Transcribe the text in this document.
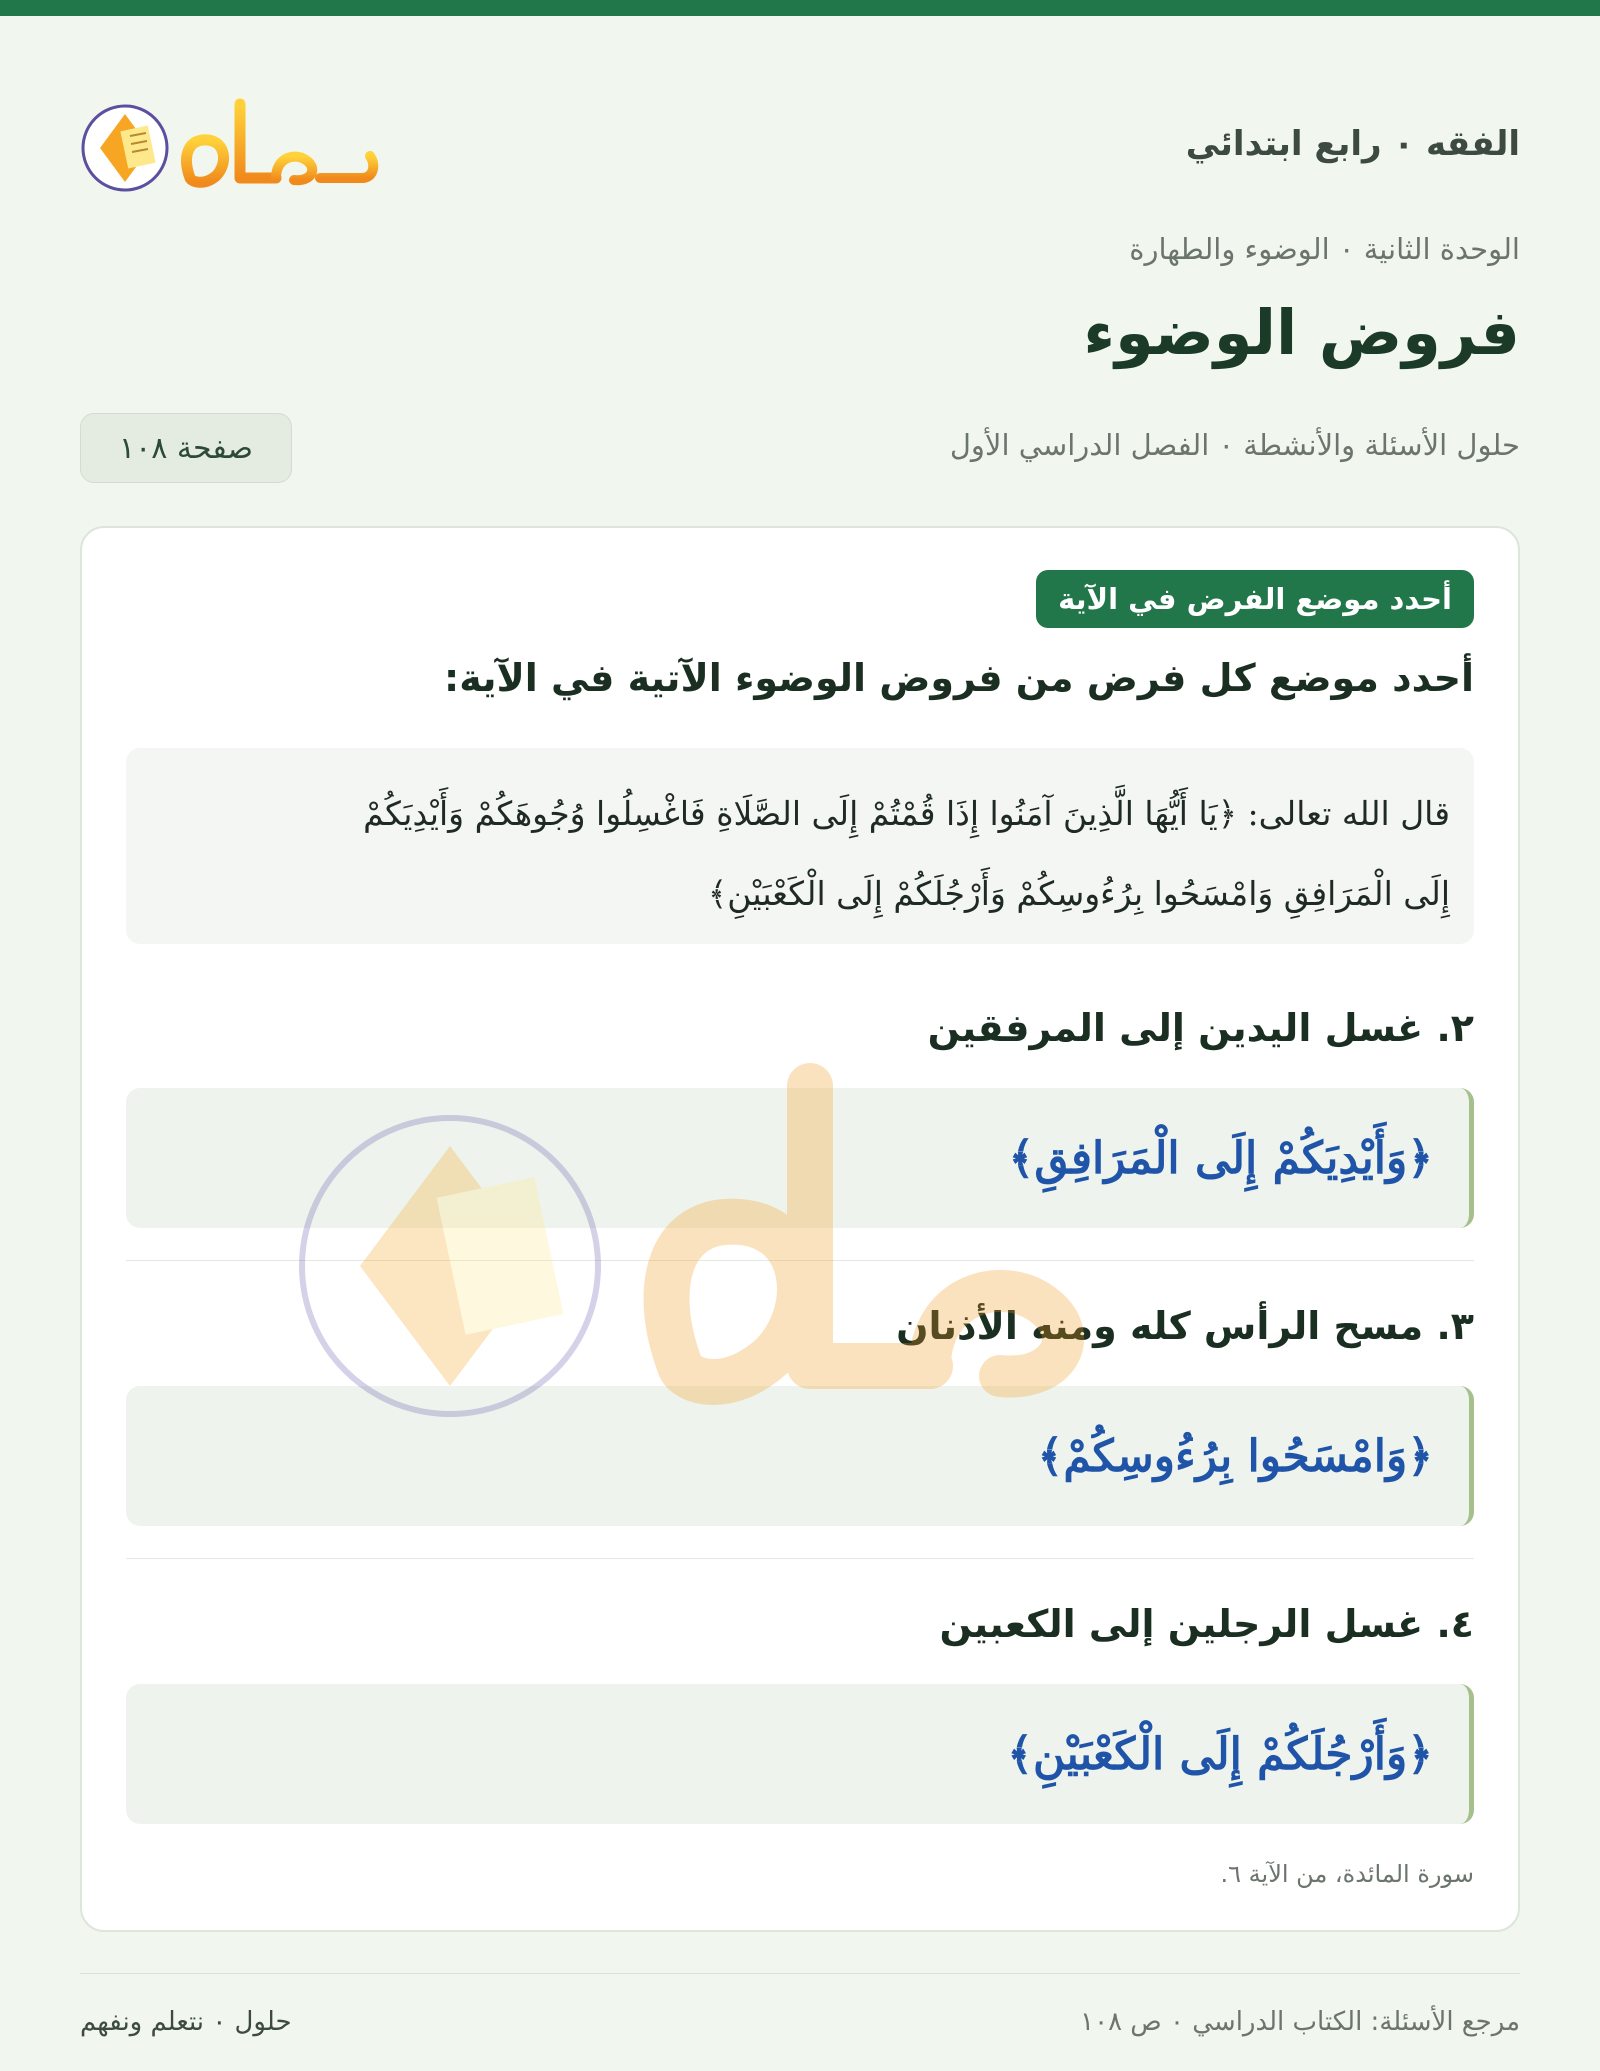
الفقه ٠ رابع ابتدائي
الوحدة الثانية ٠ الوضوء والطهارة
فروض الوضوء
حلول الأسئلة والأنشطة ٠ الفصل الدراسي الأول
صفحة ١٠٨
أحدد موضع الفرض في الآية
أحدد موضع كل فرض من فروض الوضوء الآتية في الآية:
قال الله تعالى: ﴿يَا أَيُّهَا الَّذِينَ آمَنُوا إِذَا قُمْتُمْ إِلَى الصَّلَاةِ فَاغْسِلُوا وُجُوهَكُمْ وَأَيْدِيَكُمْ
إِلَى الْمَرَافِقِ وَامْسَحُوا بِرُءُوسِكُمْ وَأَرْجُلَكُمْ إِلَى الْكَعْبَيْنِ﴾
٢. غسل اليدين إلى المرفقين
﴿وَأَيْدِيَكُمْ إِلَى الْمَرَافِقِ﴾
٣. مسح الرأس كله ومنه الأذنان
﴿وَامْسَحُوا بِرُءُوسِكُمْ﴾
٤. غسل الرجلين إلى الكعبين
﴿وَأَرْجُلَكُمْ إِلَى الْكَعْبَيْنِ﴾
سورة المائدة، من الآية ٦.
مرجع الأسئلة: الكتاب الدراسي ٠ ص ١٠٨
حلول ٠ نتعلم ونفهم
